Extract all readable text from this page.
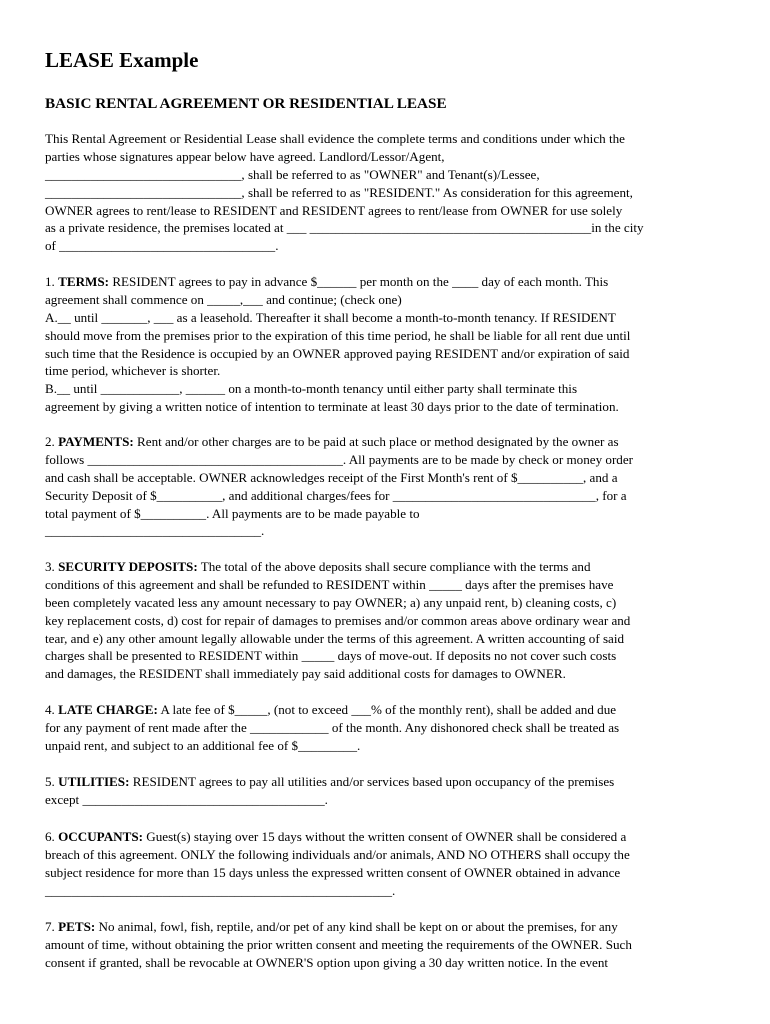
LEASE Example
BASIC RENTAL AGREEMENT OR RESIDENTIAL LEASE
This Rental Agreement or Residential Lease shall evidence the complete terms and conditions under which the
parties whose signatures appear below have agreed. Landlord/Lessor/Agent,
______________________________, shall be referred to as "OWNER" and Tenant(s)/Lessee,
______________________________, shall be referred to as "RESIDENT." As consideration for this agreement,
OWNER agrees to rent/lease to RESIDENT and RESIDENT agrees to rent/lease from OWNER for use solely
as a private residence, the premises located at ___ ___________________________________________in the city
of _________________________________.
1. TERMS: RESIDENT agrees to pay in advance $______ per month on the ____ day of each month. This
agreement shall commence on _____,___ and continue; (check one)
A.__ until _______, ___ as a leasehold. Thereafter it shall become a month-to-month tenancy. If RESIDENT
should move from the premises prior to the expiration of this time period, he shall be liable for all rent due until
such time that the Residence is occupied by an OWNER approved paying RESIDENT and/or expiration of said
time period, whichever is shorter.
B.__ until ____________, ______ on a month-to-month tenancy until either party shall terminate this
agreement by giving a written notice of intention to terminate at least 30 days prior to the date of termination.
2. PAYMENTS: Rent and/or other charges are to be paid at such place or method designated by the owner as
follows _______________________________________. All payments are to be made by check or money order
and cash shall be acceptable. OWNER acknowledges receipt of the First Month's rent of $__________, and a
Security Deposit of $__________, and additional charges/fees for _______________________________, for a
total payment of $__________. All payments are to be made payable to
_________________________________.
3. SECURITY DEPOSITS: The total of the above deposits shall secure compliance with the terms and
conditions of this agreement and shall be refunded to RESIDENT within _____ days after the premises have
been completely vacated less any amount necessary to pay OWNER; a) any unpaid rent, b) cleaning costs, c)
key replacement costs, d) cost for repair of damages to premises and/or common areas above ordinary wear and
tear, and e) any other amount legally allowable under the terms of this agreement. A written accounting of said
charges shall be presented to RESIDENT within _____ days of move-out. If deposits no not cover such costs
and damages, the RESIDENT shall immediately pay said additional costs for damages to OWNER.
4. LATE CHARGE: A late fee of $_____, (not to exceed ___% of the monthly rent), shall be added and due
for any payment of rent made after the ____________ of the month. Any dishonored check shall be treated as
unpaid rent, and subject to an additional fee of $_________.
5. UTILITIES: RESIDENT agrees to pay all utilities and/or services based upon occupancy of the premises
except _____________________________________.
6. OCCUPANTS: Guest(s) staying over 15 days without the written consent of OWNER shall be considered a
breach of this agreement. ONLY the following individuals and/or animals, AND NO OTHERS shall occupy the
subject residence for more than 15 days unless the expressed written consent of OWNER obtained in advance
_____________________________________________________.
7. PETS: No animal, fowl, fish, reptile, and/or pet of any kind shall be kept on or about the premises, for any
amount of time, without obtaining the prior written consent and meeting the requirements of the OWNER. Such
consent if granted, shall be revocable at OWNER'S option upon giving a 30 day written notice. In the event
